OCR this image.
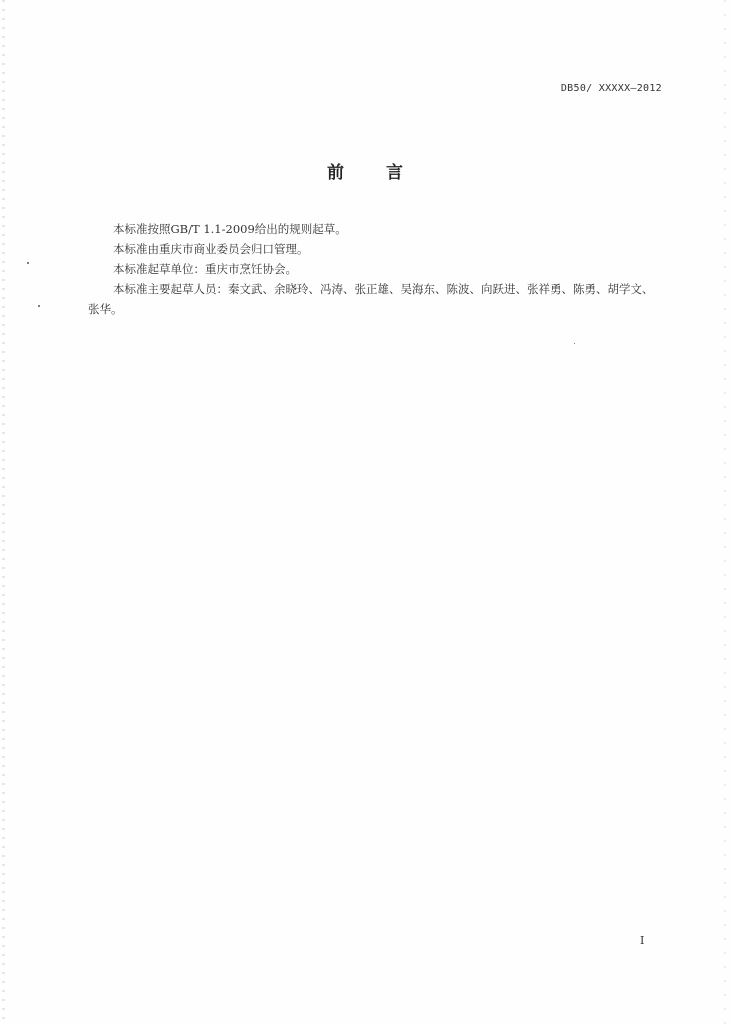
DB50/ XXXXX—2012
前言

本标准按照GB/T 1.1-2009给出的规则起草。

本标准由重庆市商业委员会归口管理。

本标准起草单位：重庆市烹饪协会。

本标准主要起草人员：秦文武、余晓玲、冯涛、张正雄、吴海东、陈波、向跃进、张祥勇、陈勇、胡学文、张华。

I
